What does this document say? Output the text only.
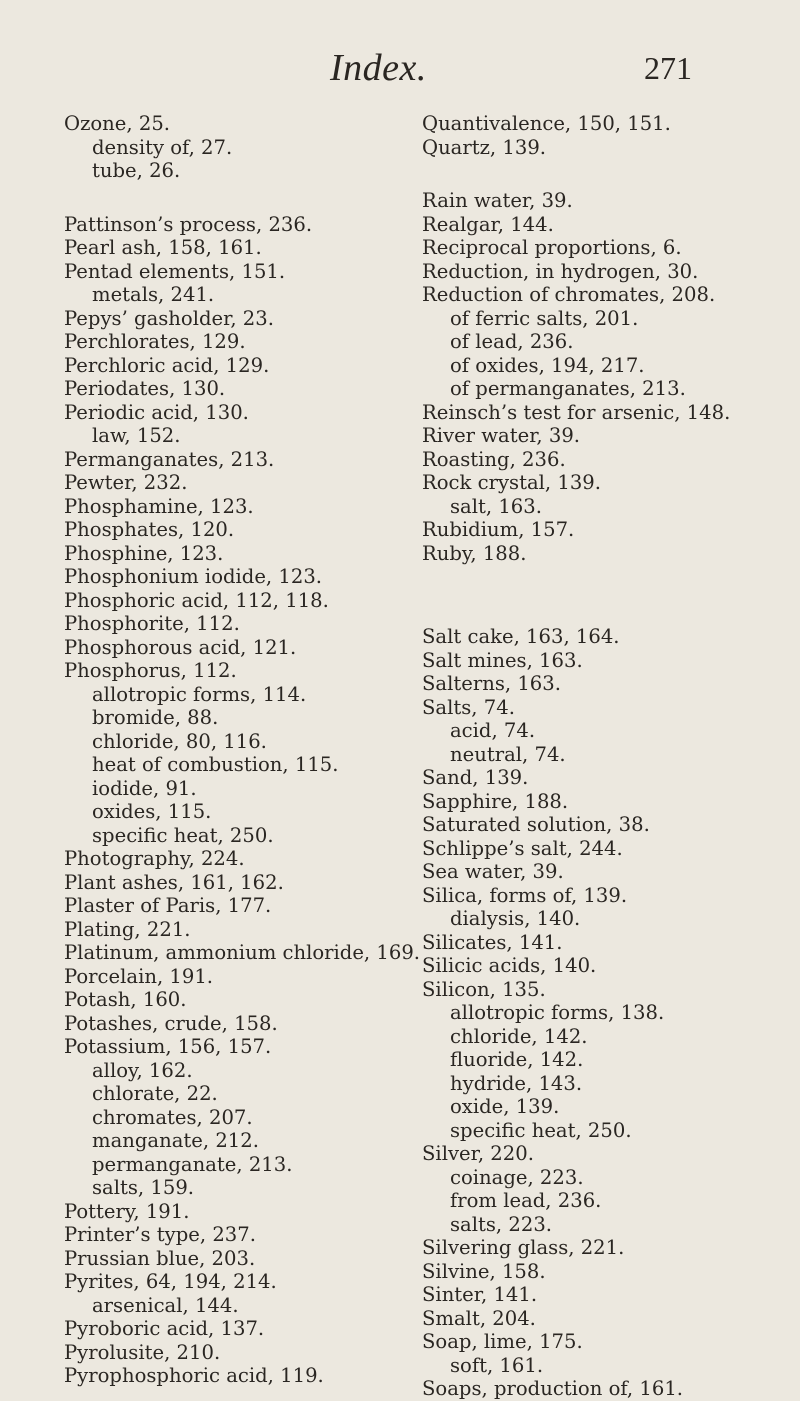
Index.	271
Ozone, 25.
density of, 27.
tube, 26.
Pattinson’s process, 236.
Pearl ash, 158, 161.
Pentad elements, 151.
metals, 241.
Pepys’ gasholder, 23.
Perchlorates, 129.
Perchloric acid, 129.
Periodates, 130.
Periodic acid, 130.
law, 152.
Permanganates, 213.
Pewter, 232.
Phosphamine, 123.
Phosphates, 120.
Phosphine, 123.
Phosphonium iodide, 123.
Phosphoric acid, 112, 118.
Phosphorite, 112.
Phosphorous acid, 121.
Phosphorus, 112.
allotropic forms, 114.
bromide, 88.
chloride, 80, 116.
heat of combustion, 115.
iodide, 91.
oxides, 115.
specific heat, 250.
Photography, 224.
Plant ashes, 161, 162.
Plaster of Paris, 177.
Plating, 221.
Platinum, ammonium chloride, 169.
Porcelain, 191.
Potash, 160.
Potashes, crude, 158.
Potassium, 156, 157.
alloy, 162.
chlorate, 22.
chromates, 207.
manganate, 212.
permanganate, 213.
salts, 159.
Pottery, 191.
Printer’s type, 237.
Prussian blue, 203.
Pyrites, 64, 194, 214.
arsenical, 144.
Pyroboric acid, 137.
Pyrolusite, 210.
Pyrophosphoric acid, 119.
Quantivalence, 150, 151.
Quartz, 139.
Rain water, 39.
Realgar, 144.
Reciprocal proportions, 6.
Reduction, in hydrogen, 30.
Reduction of chromates, 208.
of ferric salts, 201.
of lead, 236.
of oxides, 194, 217.
of permanganates, 213.
Reinsch’s test for arsenic, 148.
River water, 39.
Roasting, 236.
Rock crystal, 139.
salt, 163.
Rubidium, 157.
Ruby, 188.
Salt cake, 163, 164.
Salt mines, 163.
Salterns, 163.
Salts, 74.
acid, 74.
neutral, 74.
Sand, 139.
Sapphire, 188.
Saturated solution, 38.
Schlippe’s salt, 244.
Sea water, 39.
Silica, forms of, 139.
dialysis, 140.
Silicates, 141.
Silicic acids, 140.
Silicon, 135.
allotropic forms, 138.
chloride, 142.
fluoride, 142.
hydride, 143.
oxide, 139.
specific heat, 250.
Silver, 220.
coinage, 223.
from lead, 236.
salts, 223.
Silvering glass, 221.
Silvine, 158.
Sinter, 141.
Smalt, 204.
Soap, lime, 175.
soft, 161.
Soaps, production of, 161.
